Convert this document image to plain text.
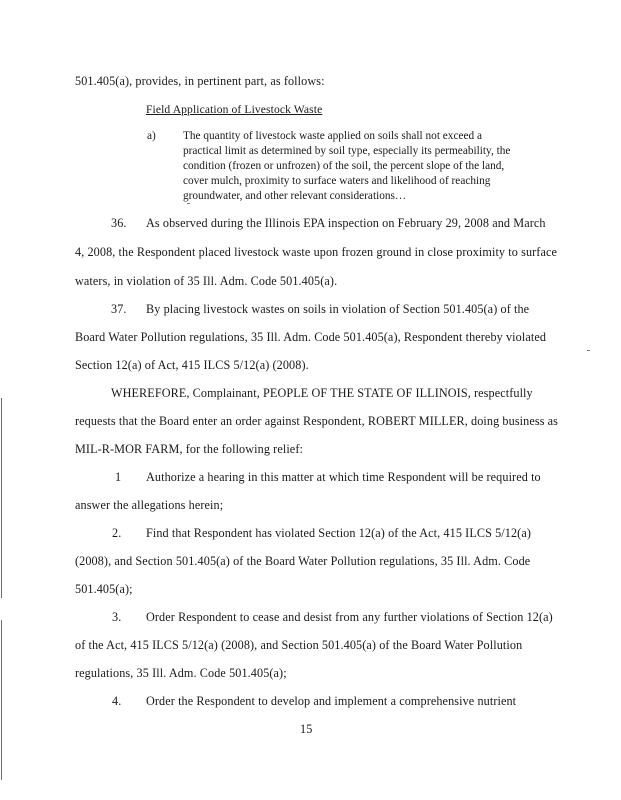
501.405(a), provides, in pertinent part, as follows:
Field Application of Livestock Waste
a) The quantity of livestock waste applied on soils shall not exceed a
practical limit as determined by soil type, especially its permeability, the
condition (frozen or unfrozen) of the soil, the percent slope of the land,
cover mulch, proximity to surface waters and likelihood of reaching
groundwater, and other relevant considerations…
36. As observed during the Illinois EPA inspection on February 29, 2008 and March
4, 2008, the Respondent placed livestock waste upon frozen ground in close proximity to surface
waters, in violation of 35 Ill. Adm. Code 501.405(a).
37. By placing livestock wastes on soils in violation of Section 501.405(a) of the
Board Water Pollution regulations, 35 Ill. Adm. Code 501.405(a), Respondent thereby violated
Section 12(a) of Act, 415 ILCS 5/12(a) (2008).
WHEREFORE, Complainant, PEOPLE OF THE STATE OF ILLINOIS, respectfully
requests that the Board enter an order against Respondent, ROBERT MILLER, doing business as
MIL-R-MOR FARM, for the following relief:
1 Authorize a hearing in this matter at which time Respondent will be required to
answer the allegations herein;
2. Find that Respondent has violated Section 12(a) of the Act, 415 ILCS 5/12(a)
(2008), and Section 501.405(a) of the Board Water Pollution regulations, 35 Ill. Adm. Code
501.405(a);
3. Order Respondent to cease and desist from any further violations of Section 12(a)
of the Act, 415 ILCS 5/12(a) (2008), and Section 501.405(a) of the Board Water Pollution
regulations, 35 Ill. Adm. Code 501.405(a);
4. Order the Respondent to develop and implement a comprehensive nutrient
15
